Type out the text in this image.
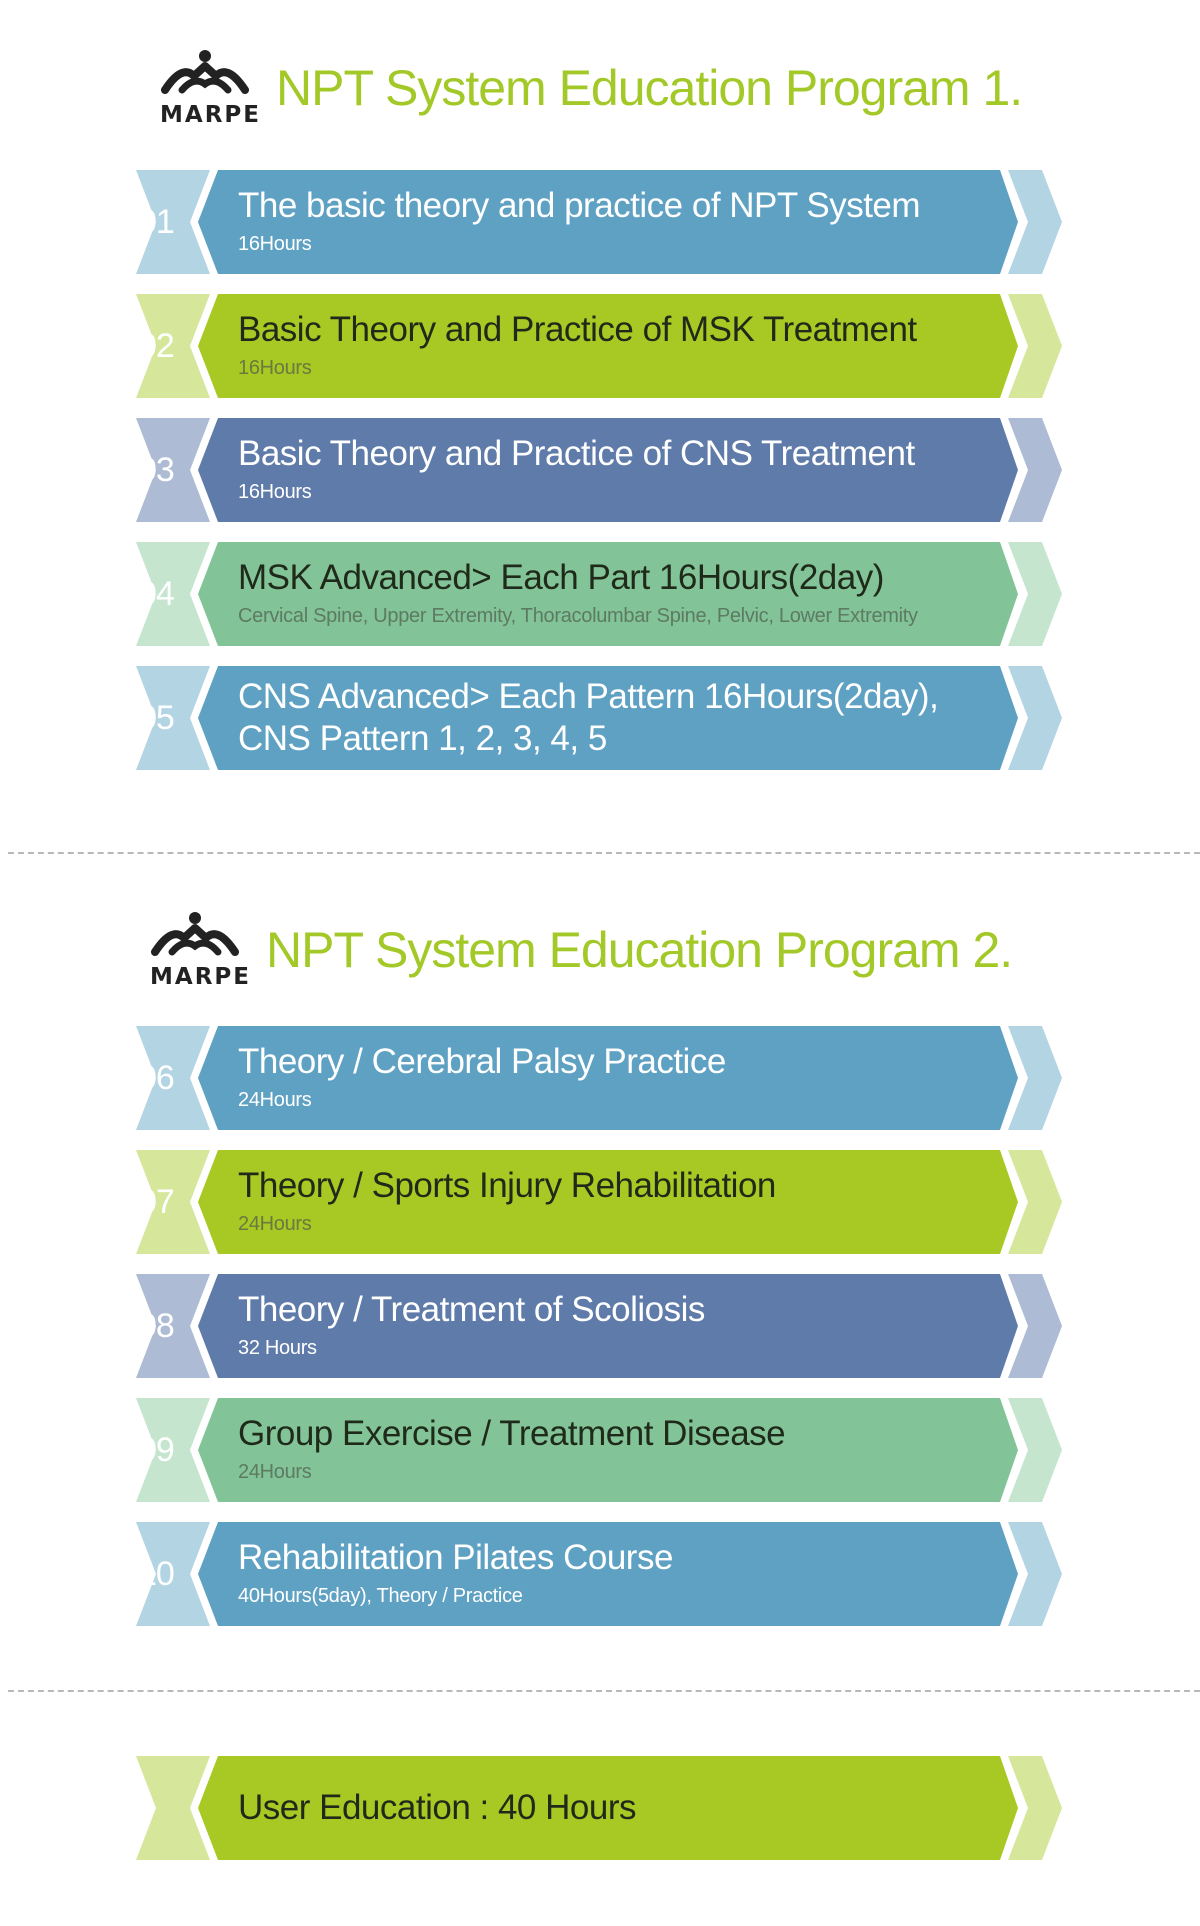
MARPE NPT System Education Program 1.
01	The basic theory and practice of NPT System
16Hours
02	Basic Theory and Practice of MSK Treatment
16Hours
03	Basic Theory and Practice of CNS Treatment
16Hours
04	MSK Advanced> Each Part 16Hours(2day)
Cervical Spine, Upper Extremity, Thoracolumbar Spine, Pelvic, Lower Extremity
05
CNS Advanced> Each Pattern 16Hours(2day),
CNS Pattern 1, 2, 3, 4, 5
MARPE NPT System Education Program 2.
06	Theory / Cerebral Palsy Practice
24Hours
07	Theory / Sports Injury Rehabilitation
24Hours
08	Theory / Treatment of Scoliosis
32 Hours
09	Group Exercise / Treatment Disease
24Hours
10	Rehabilitation Pilates Course
40Hours(5day), Theory / Practice
User Education : 40 Hours
